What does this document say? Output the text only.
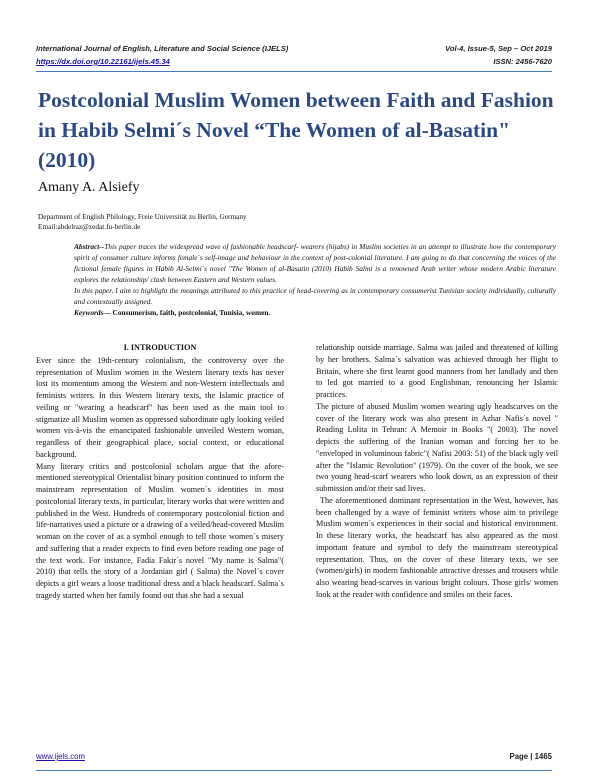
International Journal of English, Literature and Social Science (IJELS)
https://dx.doi.org/10.22161/ijels.45.34
Vol-4, Issue-5, Sep – Oct 2019
ISSN: 2456-7620
Postcolonial Muslim Women between Faith and Fashion in Habib Selmi´s Novel “The Women of al-Basatin"(2010)
Amany A. Alsiefy
Department of English Philology, Freie Universität zu Berlin, Germany
Email:abdelraz@zedat.fu-berlin.de

Abstract--This paper traces the widespread wave of fashionable headscarf- wearers (hijabs) in Muslim societies in an attempt to illustrate how the contemporary spirit of consumer culture informs female´s self-image and behaviour in the context of post-colonial literature. I am going to do that concerning the voices of the fictional female figures in Habib Al-Selmi´s novel "The Women of al-Basatin (2010) Habib Salmi is a renowned Arab writer whose modern Arabic literature explores the relationship/ clash between Eastern and Western values.

In this paper, I aim to highlight the meanings attributed to this practice of head-covering as in contemporary consumerist Tunisian society individually, culturally and contextually assigned.

Keywords— Consumerism, faith, postcolonial, Tunisia, women.

I. INTRODUCTION

Ever since the 19th-century colonialism, the controversy over the representation of Muslim women in the Western literary texts has never lost its momentum among the Western and non-Western intellectuals and feminists writers. In this Western literary texts, the Islamic practice of veiling or "wearing a headscarf" has been used as the main tool to stigmatize all Muslim women as oppressed subordinate ugly looking veiled women vis-à-vis the emancipated fashionable unveiled Western woman, regardless of their geographical place, social context, or educational background.

Many literary critics and postcolonial scholars argue that the afore-mentioned stereotypical Orientalist binary position continued to inform the mainstream representation of Muslim women´s identities in most postcolonial literary texts, in particular, literary works that were written and published in the West. Hundreds of contemporary postcolonial fiction and life-narratives used a picture or a drawing of a veiled/head-covered Muslim woman on the cover of as a symbol enough to tell those women´s misery and suffering that a reader expects to find even before reading one page of the text work. For instance, Fadia Fakir´s novel "My name is Salma"( 2010) that tells the story of a Jordanian girl ( Salma) the Novel´s cover depicts a girl wears a loose traditional dress and a black headscarf. Salma´s tragedy started when her family found out that she had a sexual

relationship outside marriage. Salma was jailed and threatened of killing by her brothers. Salma´s salvation was achieved through her flight to Britain, where she first learnt good manners from her landlady and then to led got married to a good Englishman, renouncing her Islamic practices.

The picture of abused Muslim women wearing ugly headscarves on the cover of the literary work was also present in Azhar Nafis´s novel " Reading Lolita in Tehran: A Memoir in Books "( 2003). The novel depicts the suffering of the Iranian woman and forcing her to be "enveloped in voluminous fabric"( Nafisi 2003: 51) of the black ugly veil after the "Islamic Revolution" (1979). On the cover of the book, we see two young head-scarf wearers who look down, as an expression of their submission and/or their sad lives.

The aforementioned dominant representation in the West, however, has been challenged by a wave of feminist writers whose aim to privilege Muslim women´s experiences in their social and historical environment. In these literary works, the headscarf has also appeared as the most important feature and symbol to defy the mainstream stereotypical representation. Thus, on the cover of these literary texts, we see (women/girls) in modern fashionable attractive dresses and trousers while also wearing head-scarves in various bright colours. Those girls/ women look at the reader with confidence and smiles on their faces.

www.ijels.com	Page | 1465
